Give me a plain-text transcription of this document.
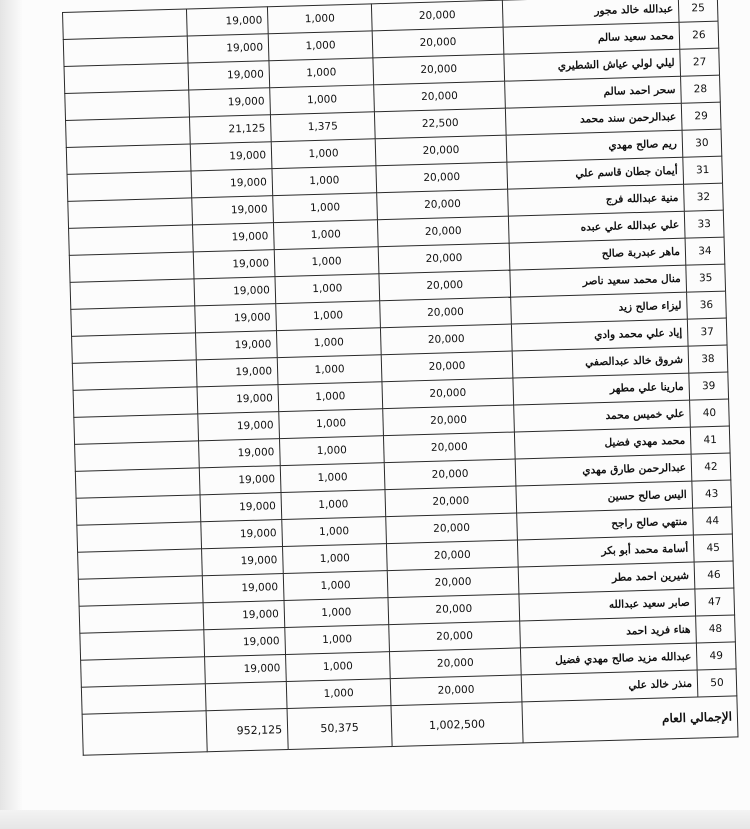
	19,000	1,000	20,000	عبدالله خالد مجور	25
	19,000	1,000	20,000	محمد سعيد سالم	26
	19,000	1,000	20,000	ليلي لولي عياش الشطيري	27
	19,000	1,000	20,000	سحر احمد سالم	28
	21,125	1,375	22,500	عبدالرحمن سند محمد	29
	19,000	1,000	20,000	ريم صالح مهدي	30
	19,000	1,000	20,000	أيمان جطان قاسم علي	31
	19,000	1,000	20,000	منية عبدالله فرج	32
	19,000	1,000	20,000	علي عبدالله علي عبده	33
	19,000	1,000	20,000	ماهر عبدربة صالح	34
	19,000	1,000	20,000	منال محمد سعيد ناصر	35
	19,000	1,000	20,000	ليزاء صالح زيد	36
	19,000	1,000	20,000	إياد علي محمد وادي	37
	19,000	1,000	20,000	شروق خالد عبدالصفي	38
	19,000	1,000	20,000	مارينا علي مطهر	39
	19,000	1,000	20,000	علي خميس محمد	40
	19,000	1,000	20,000	محمد مهدي فضيل	41
	19,000	1,000	20,000	عبدالرحمن طارق مهدي	42
	19,000	1,000	20,000	اليس صالح حسين	43
	19,000	1,000	20,000	منتهي صالح راجح	44
	19,000	1,000	20,000	أسامة محمد أبو بكر	45
	19,000	1,000	20,000	شيرين احمد مطر	46
	19,000	1,000	20,000	صابر سعيد عبدالله	47
	19,000	1,000	20,000	هناء فريد احمد	48
	19,000	1,000	20,000	عبدالله مزيد صالح مهدي فضيل	49
		1,000	20,000	منذر خالد علي	50
	952,125	50,375	1,002,500	الإجمالي العام	
